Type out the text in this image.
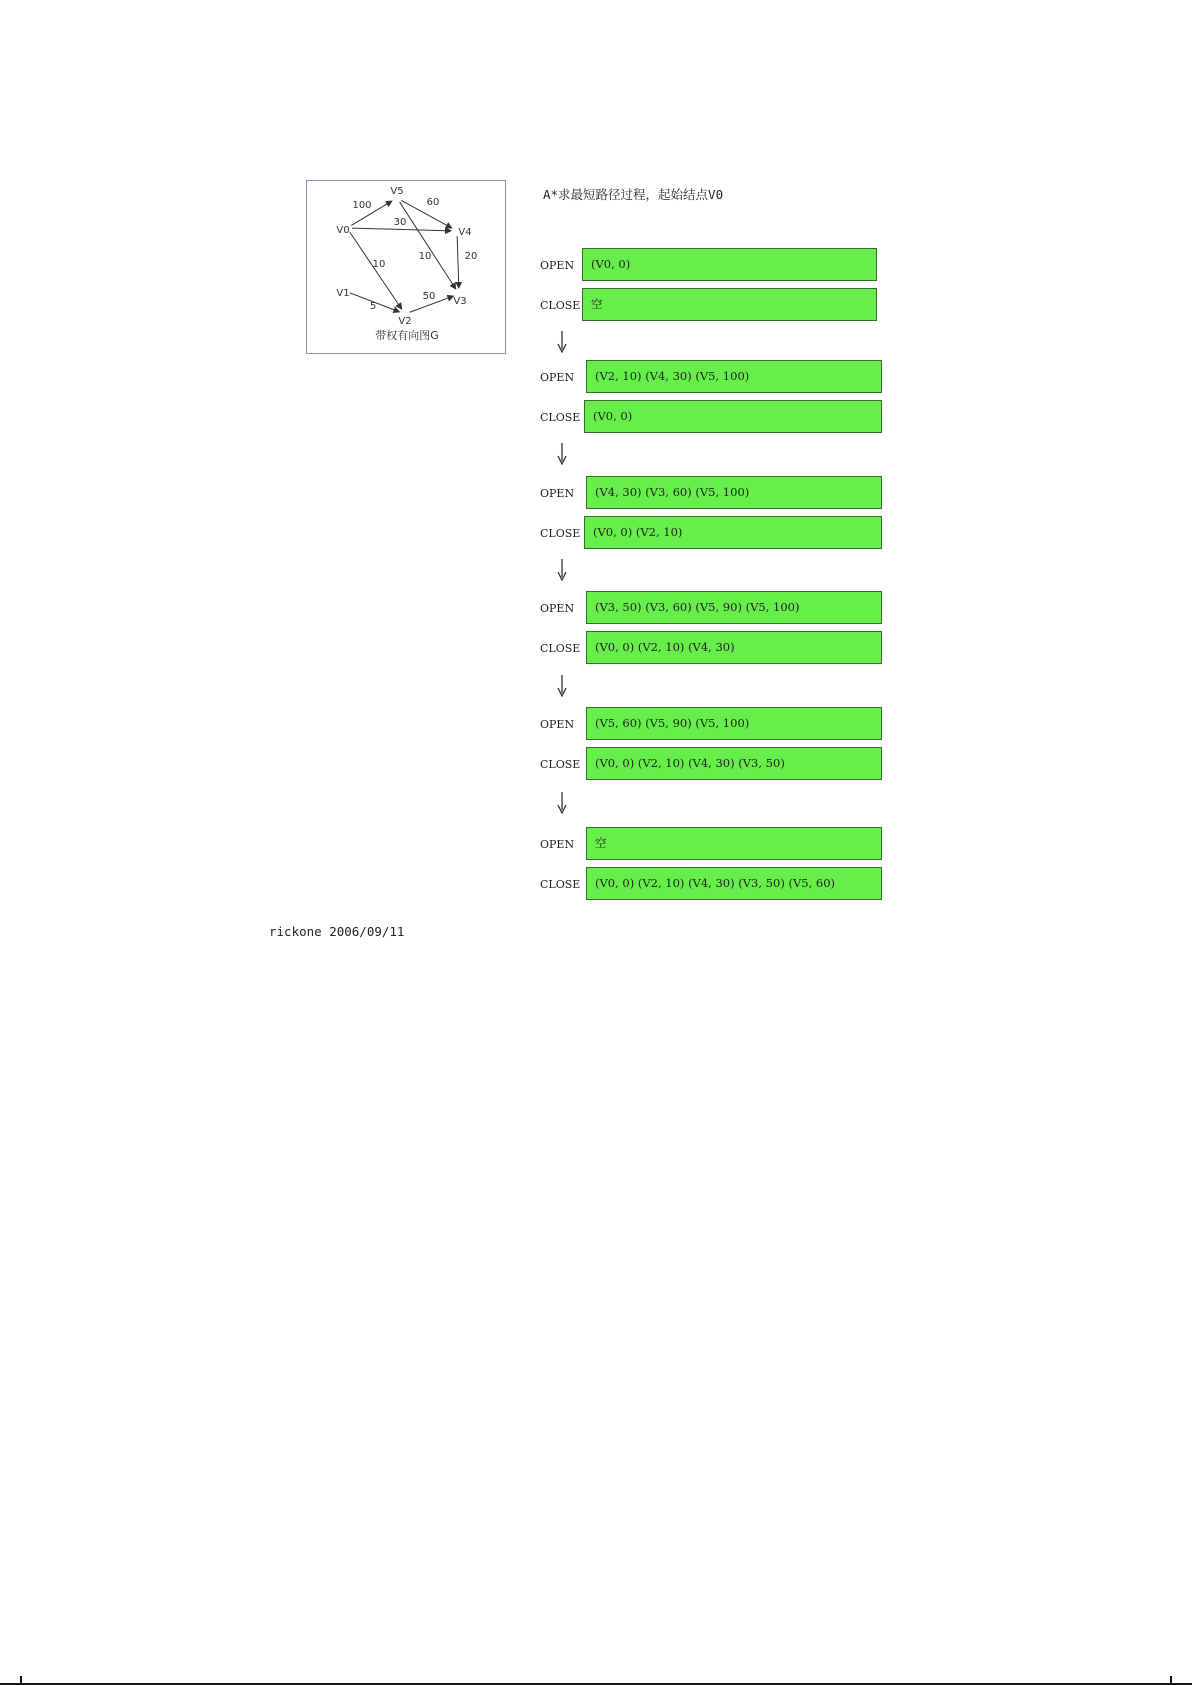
100
30
10
60
10	20
50
5
V0
V1
V2
V3
V4
V5
带权有向图G
A*求最短路径过程，起始结点V0
OPEN	(V0, 0)
CLOSE 空
OPEN	(V2, 10) (V4, 30) (V5, 100)
CLOSE	(V0, 0)
OPEN	(V4, 30) (V3, 60) (V5, 100)
CLOSE	(V0, 0) (V2, 10)
OPEN	(V3, 50) (V3, 60) (V5, 90) (V5, 100)
CLOSE	(V0, 0) (V2, 10) (V4, 30)
OPEN	(V5, 60) (V5, 90) (V5, 100)
CLOSE	(V0, 0) (V2, 10) (V4, 30) (V3, 50)
OPEN	空
CLOSE	(V0, 0) (V2, 10) (V4, 30) (V3, 50) (V5, 60)
rickone 2006/09/11
